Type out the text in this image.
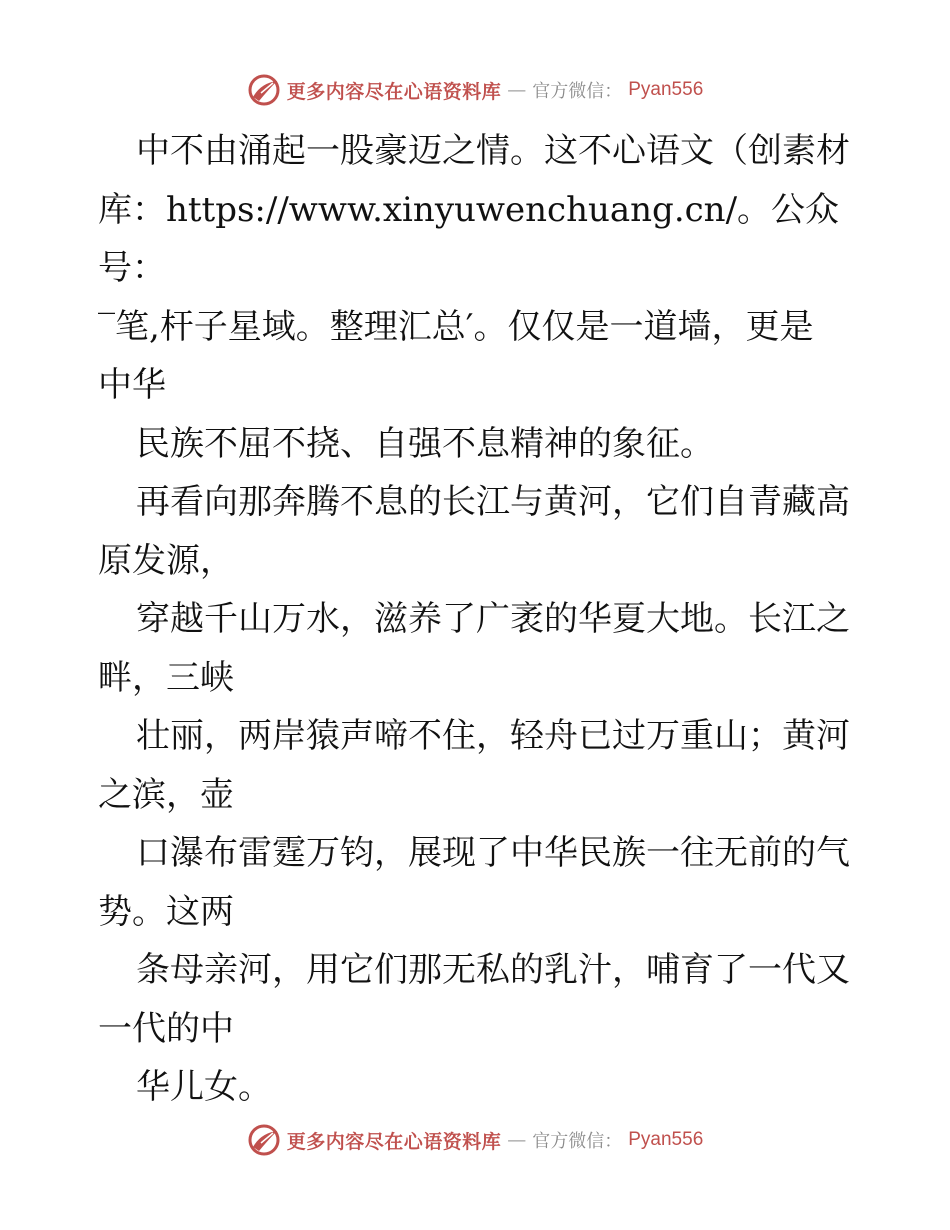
更多内容尽在心语资料库 — 官方微信： Pyan556
中不由涌起一股豪迈之情。这不心语文（创素材
库：https://www.xinyuwenchuang.cn/。公众号：
‾笔,杆子星域。整理汇总′。仅仅是一道墙，更是
中华
民族不屈不挠、自强不息精神的象征。
再看向那奔腾不息的长江与黄河，它们自青藏高
原发源，
穿越千山万水，滋养了广袤的华夏大地。长江之
畔，三峡
壮丽，两岸猿声啼不住，轻舟已过万重山；黄河
之滨，壶
口瀑布雷霆万钧，展现了中华民族一往无前的气
势。这两
条母亲河，用它们那无私的乳汁，哺育了一代又
一代的中
华儿女。
更多内容尽在心语资料库 — 官方微信： Pyan556
